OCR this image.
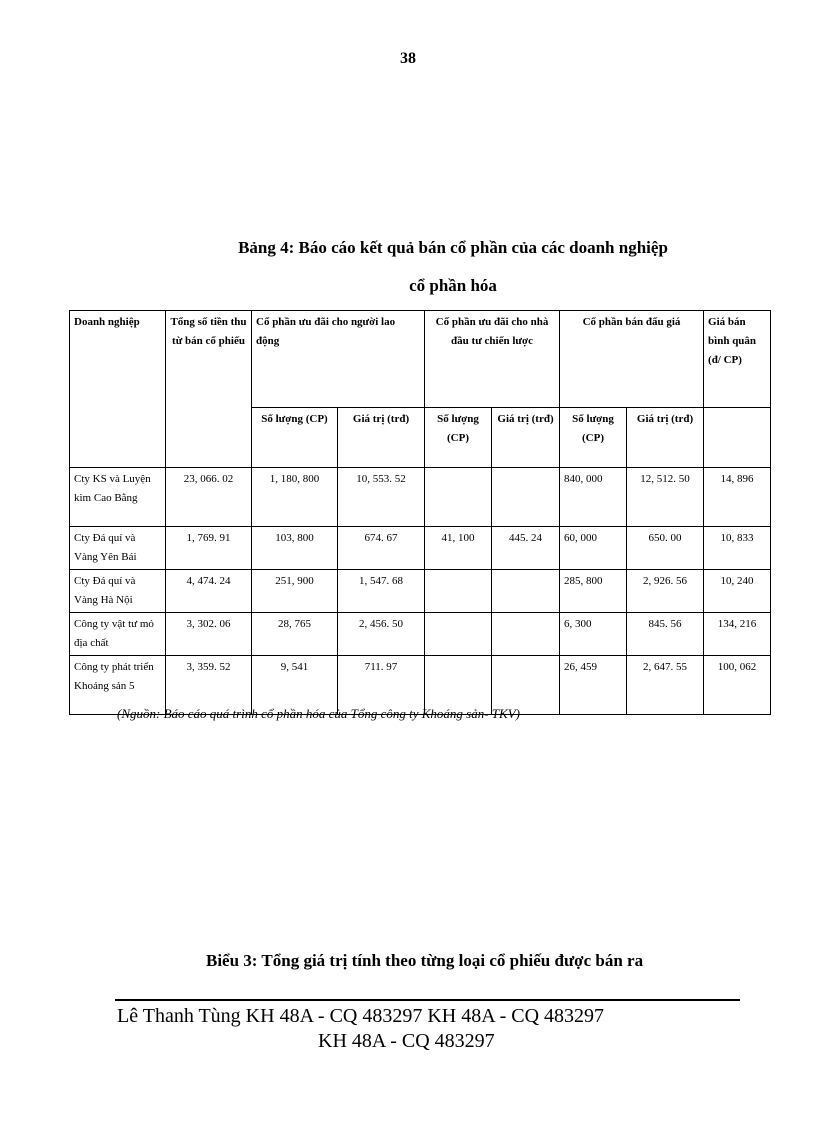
38
Bảng 4: Báo cáo kết quả bán cổ phần của các doanh nghiệp
cổ phần hóa
Doanh nghiệp	Tổng số tiền thu từ bán cổ phiếu	Cổ phần ưu đãi cho người lao động		Cổ phần ưu đãi cho nhà đầu tư chiến lược		Cổ phần bán đấu giá		Giá bán bình quân (đ/ CP)
		Số lượng (CP)	Giá trị (trđ)	Số lượng (CP)	Giá trị (trđ)	Số lượng (CP)	Giá trị (trđ)	
Cty KS và Luyện kim Cao Bằng	23, 066. 02	1, 180, 800	10, 553. 52			840, 000	12, 512. 50	14, 896
Cty Đá quí và Vàng Yên Bái	1, 769. 91	103, 800	674. 67	41, 100	445. 24	60, 000	650. 00	10, 833
Cty Đá quí và Vàng Hà Nội	4, 474. 24	251, 900	1, 547. 68			285, 800	2, 926. 56	10, 240
Công ty vật tư mỏ địa chất	3, 302. 06	28, 765	2, 456. 50			6, 300	845. 56	134, 216
Công ty phát triển Khoáng sản 5	3, 359. 52	9, 541	711. 97			26, 459	2, 647. 55	100, 062
(Nguồn: Báo cáo quá trình cổ phần hóa của Tổng công ty Khoáng sản- TKV)
Biểu 3: Tổng giá trị tính theo từng loại cổ phiếu được bán ra
Lê Thanh Tùng KH 48A - CQ 483297 KH 48A - CQ 483297
KH 48A - CQ 483297
